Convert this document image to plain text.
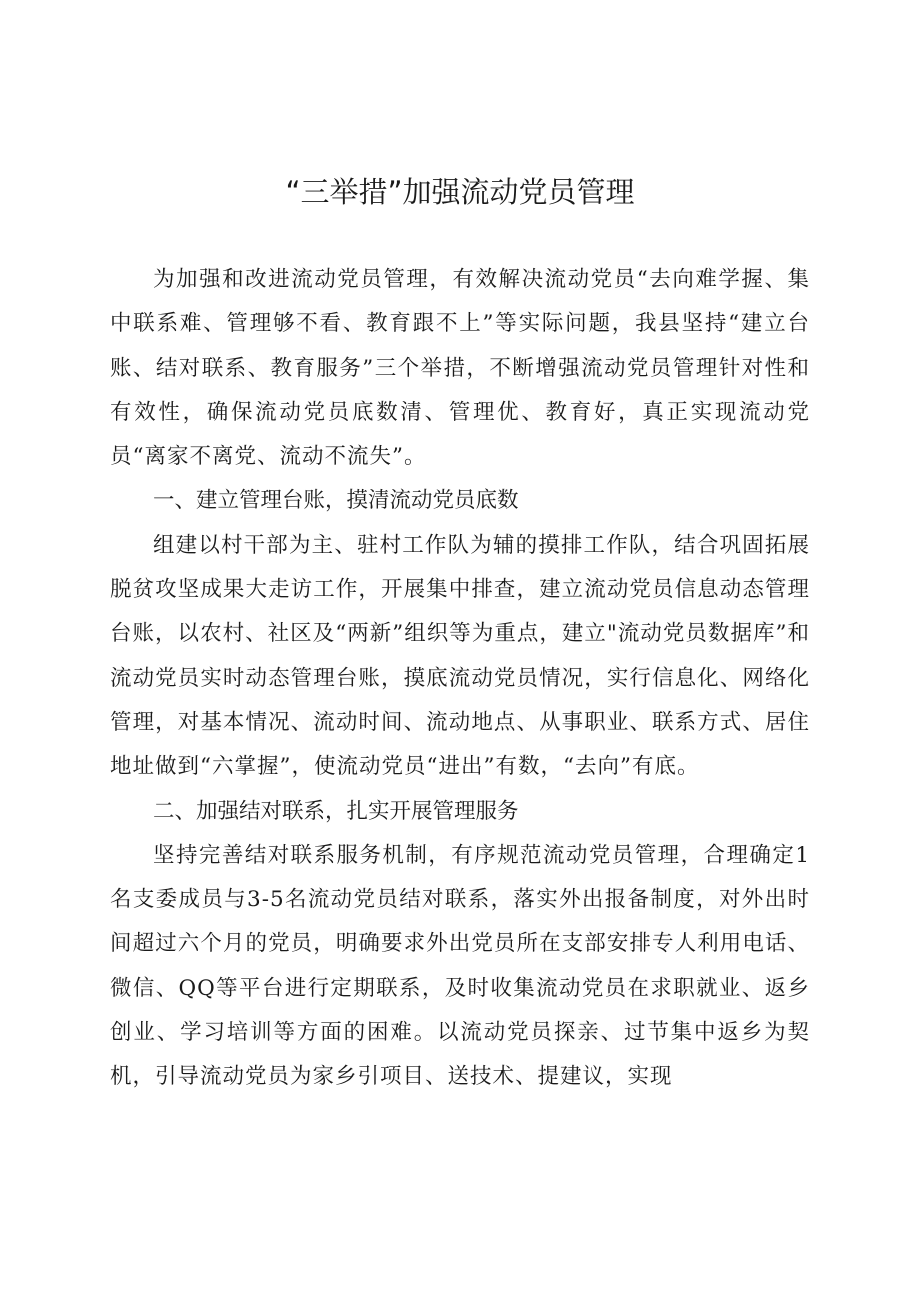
“三举措”加强流动党员管理

为加强和改进流动党员管理，有效解决流动党员“去向难学握、集中联系难、管理够不看、教育跟不上”等实际问题，我县坚持“建立台账、结对联系、教育服务”三个举措，不断增强流动党员管理针对性和有效性，确保流动党员底数清、管理优、教育好，真正实现流动党员“离家不离党、流动不流失”。

一、建立管理台账，摸清流动党员底数

组建以村干部为主、驻村工作队为辅的摸排工作队，结合巩固拓展脱贫攻坚成果大走访工作，开展集中排查，建立流动党员信息动态管理台账，以农村、社区及“两新”组织等为重点，建立"流动党员数据库”和流动党员实时动态管理台账，摸底流动党员情况，实行信息化、网络化管理，对基本情况、流动时间、流动地点、从事职业、联系方式、居住地址做到“六掌握”，使流动党员“进出”有数，“去向”有底。

二、加强结对联系，扎实开展管理服务

坚持完善结对联系服务机制，有序规范流动党员管理，合理确定1名支委成员与3-5名流动党员结对联系，落实外出报备制度，对外出时间超过六个月的党员，明确要求外出党员所在支部安排专人利用电话、微信、QQ等平台进行定期联系，及时收集流动党员在求职就业、返乡创业、学习培训等方面的困难。以流动党员探亲、过节集中返乡为契机，引导流动党员为家乡引项目、送技术、提建议，实现
